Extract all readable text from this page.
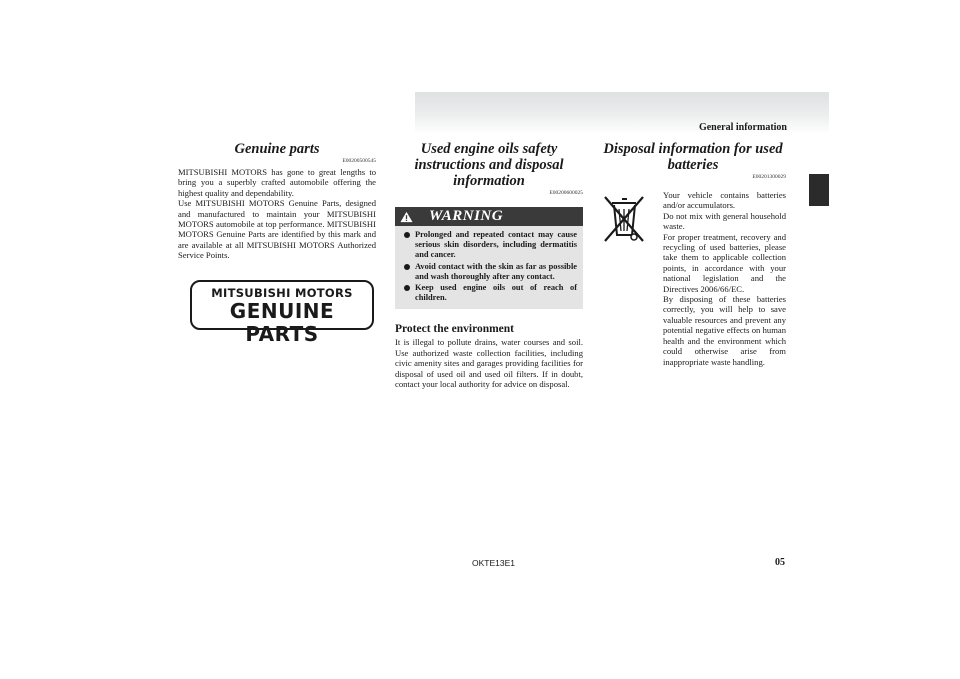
General information
Genuine parts
E00200500545

MITSUBISHI MOTORS has gone to great lengths to bring you a superbly crafted automobile offering the highest quality and dependability.
Use MITSUBISHI MOTORS Genuine Parts, designed and manufactured to maintain your MITSUBISHI MOTORS automobile at top performance. MITSUBISHI MOTORS Genuine Parts are identified by this mark and are available at all MITSUBISHI MOTORS Authorized Service Points.

MITSUBISHI MOTORS
GENUINE PARTS
Used engine oils safety instructions and disposal information
E00200600025
WARNING
Prolonged and repeated contact may cause serious skin disorders, including dermatitis and cancer.
Avoid contact with the skin as far as possible and wash thoroughly after any contact.
Keep used engine oils out of reach of children.
Protect the environment

It is illegal to pollute drains, water courses and soil. Use authorized waste collection facilities, including civic amenity sites and garages providing facilities for disposal of used oil and used oil filters. If in doubt, contact your local authority for advice on disposal.

Disposal information for used batteries
E00201300029
Your vehicle contains batteries and/or accumulators.
Do not mix with general household waste.
For proper treatment, recovery and recycling of used batteries, please take them to applicable collection points, in accordance with your national legislation and the Directives 2006/66/EC.
By disposing of these batteries correctly, you will help to save valuable resources and prevent any potential negative effects on human health and the environment which could otherwise arise from inappropriate waste handling.
OKTE13E1	05
